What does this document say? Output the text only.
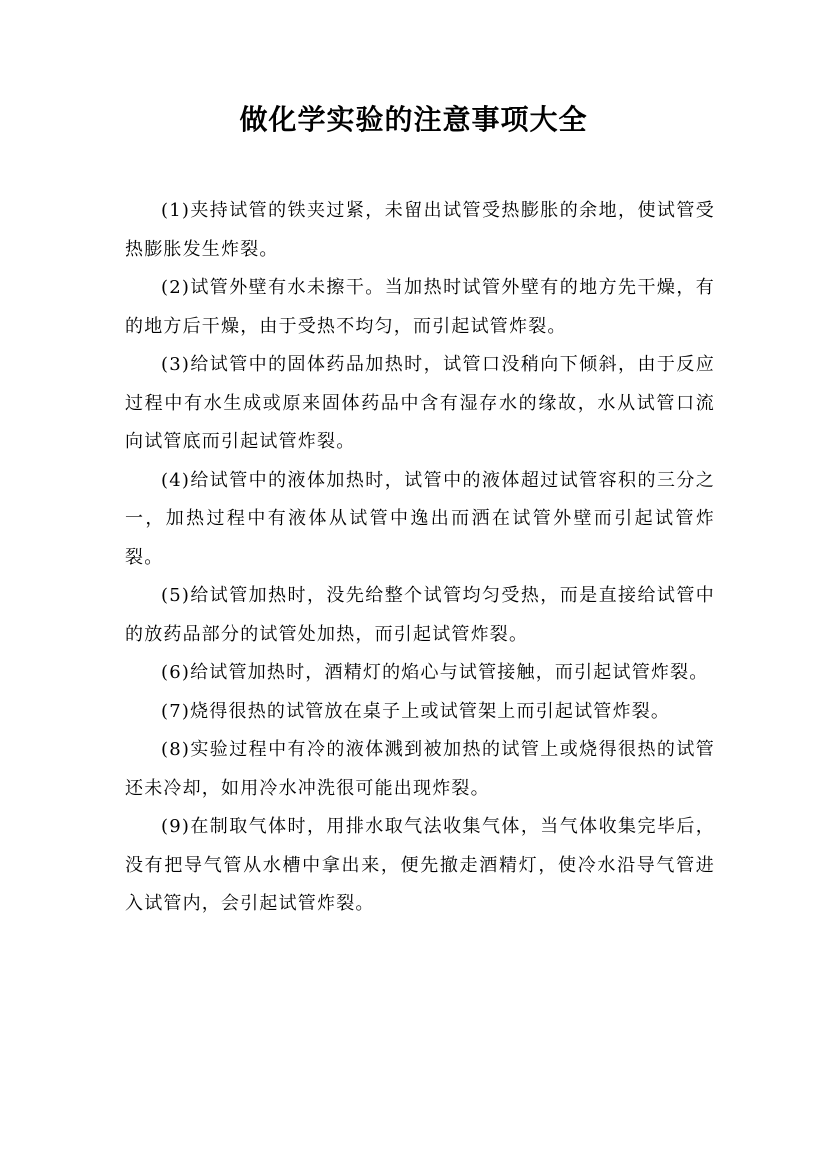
做化学实验的注意事项大全

(1)夹持试管的铁夹过紧，未留出试管受热膨胀的余地，使试管受热膨胀发生炸裂。

(2)试管外壁有水未擦干。当加热时试管外壁有的地方先干燥，有的地方后干燥，由于受热不均匀，而引起试管炸裂。

(3)给试管中的固体药品加热时，试管口没稍向下倾斜，由于反应过程中有水生成或原来固体药品中含有湿存水的缘故，水从试管口流向试管底而引起试管炸裂。

(4)给试管中的液体加热时，试管中的液体超过试管容积的三分之一，加热过程中有液体从试管中逸出而洒在试管外壁而引起试管炸裂。

(5)给试管加热时，没先给整个试管均匀受热，而是直接给试管中的放药品部分的试管处加热，而引起试管炸裂。

(6)给试管加热时，酒精灯的焰心与试管接触，而引起试管炸裂。

(7)烧得很热的试管放在桌子上或试管架上而引起试管炸裂。

(8)实验过程中有冷的液体溅到被加热的试管上或烧得很热的试管还未冷却，如用冷水冲洗很可能出现炸裂。

(9)在制取气体时，用排水取气法收集气体，当气体收集完毕后，没有把导气管从水槽中拿出来，便先撤走酒精灯，使冷水沿导气管进入试管内，会引起试管炸裂。
